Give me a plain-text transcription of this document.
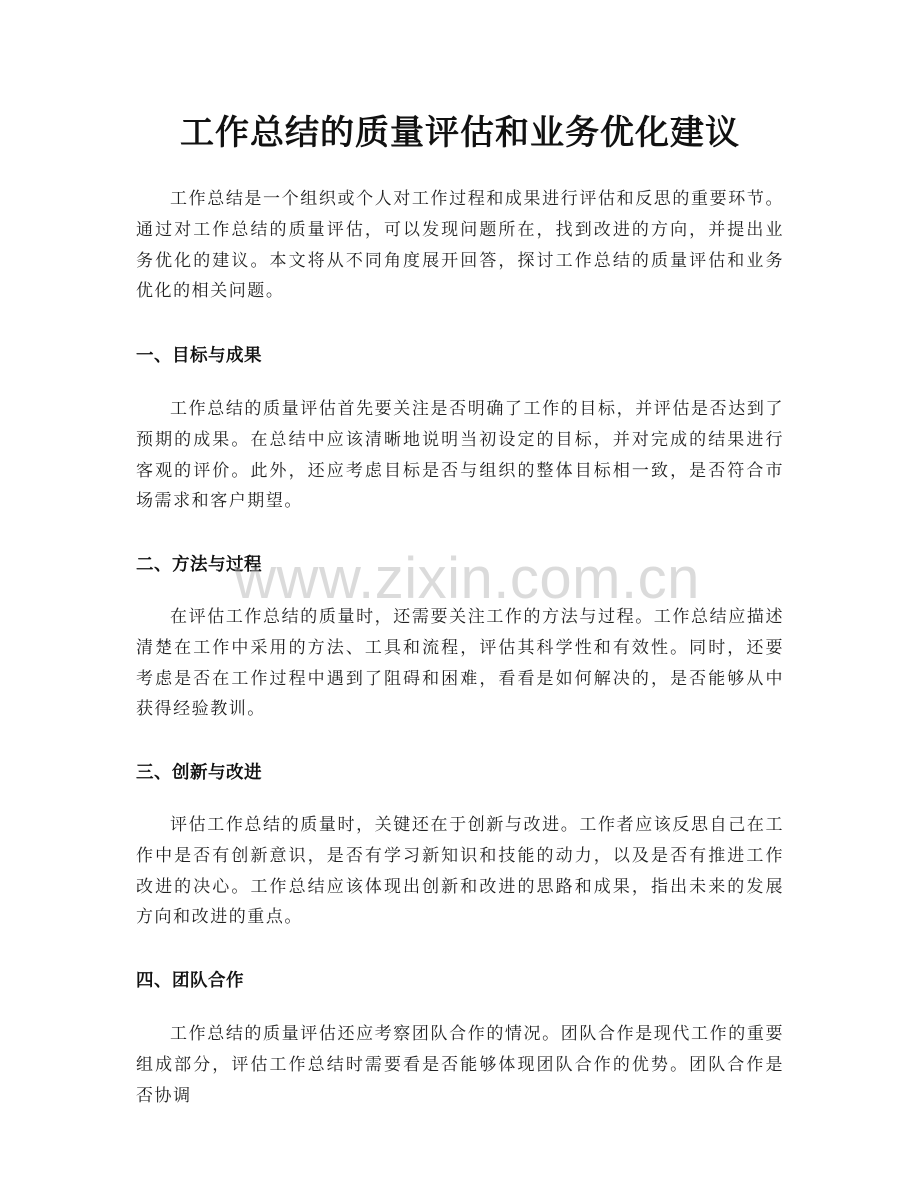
工作总结的质量评估和业务优化建议

工作总结是一个组织或个人对工作过程和成果进行评估和反思的重要环节。通过对工作总结的质量评估，可以发现问题所在，找到改进的方向，并提出业务优化的建议。本文将从不同角度展开回答，探讨工作总结的质量评估和业务优化的相关问题。

一、目标与成果

工作总结的质量评估首先要关注是否明确了工作的目标，并评估是否达到了预期的成果。在总结中应该清晰地说明当初设定的目标，并对完成的结果进行客观的评价。此外，还应考虑目标是否与组织的整体目标相一致，是否符合市场需求和客户期望。

二、方法与过程

在评估工作总结的质量时，还需要关注工作的方法与过程。工作总结应描述清楚在工作中采用的方法、工具和流程，评估其科学性和有效性。同时，还要考虑是否在工作过程中遇到了阻碍和困难，看看是如何解决的，是否能够从中获得经验教训。

三、创新与改进

评估工作总结的质量时，关键还在于创新与改进。工作者应该反思自己在工作中是否有创新意识，是否有学习新知识和技能的动力，以及是否有推进工作改进的决心。工作总结应该体现出创新和改进的思路和成果，指出未来的发展方向和改进的重点。

四、团队合作

工作总结的质量评估还应考察团队合作的情况。团队合作是现代工作的重要组成部分，评估工作总结时需要看是否能够体现团队合作的优势。团队合作是否协调

www.zixin.com.cn
